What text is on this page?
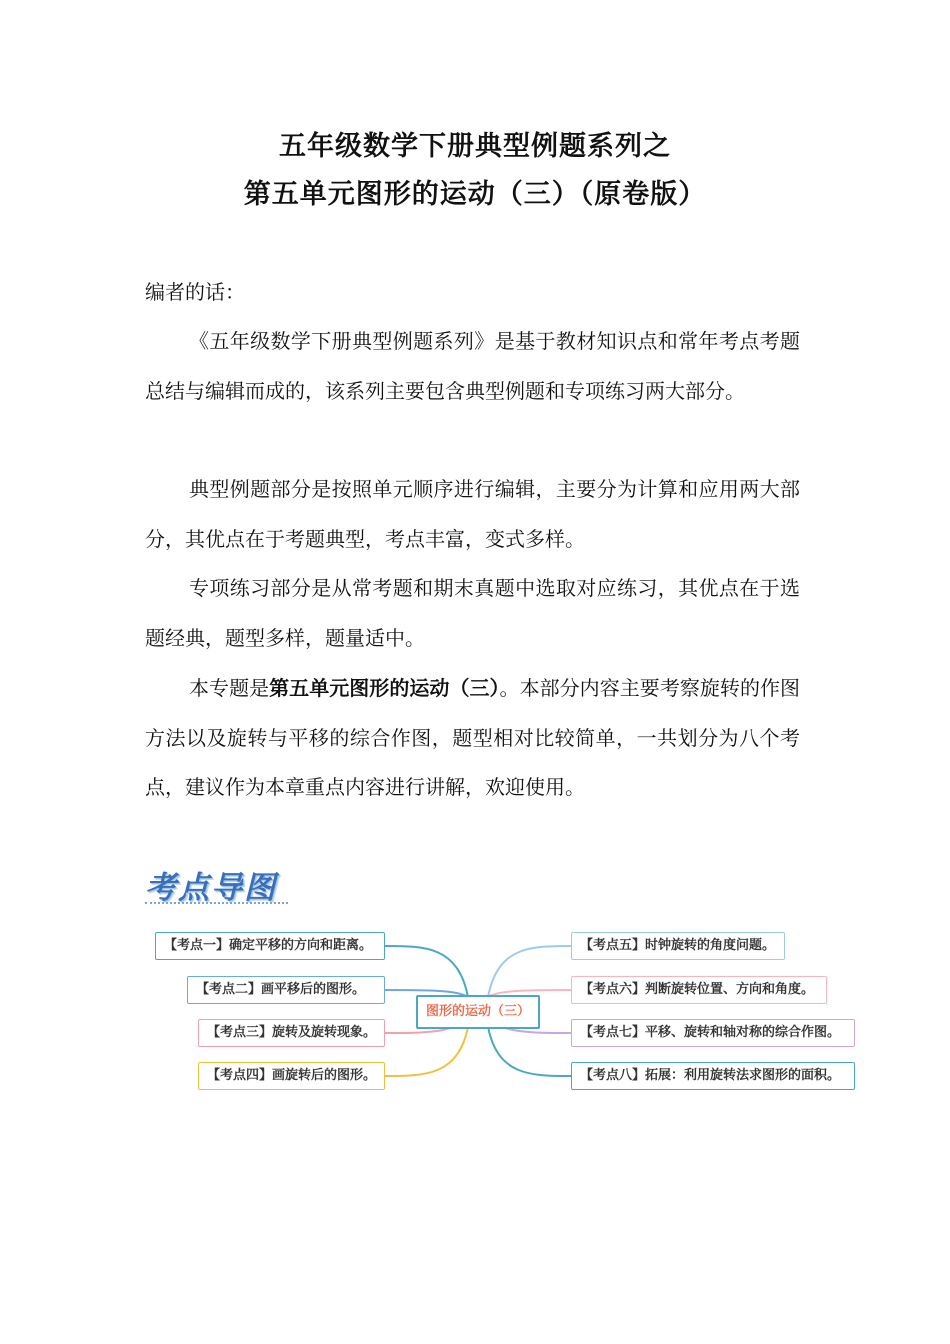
五年级数学下册典型例题系列之
第五单元图形的运动（三）（原卷版）

编者的话：

《五年级数学下册典型例题系列》是基于教材知识点和常年考点考题总结与编辑而成的，该系列主要包含典型例题和专项练习两大部分。

典型例题部分是按照单元顺序进行编辑，主要分为计算和应用两大部分，其优点在于考题典型，考点丰富，变式多样。

专项练习部分是从常考题和期末真题中选取对应练习，其优点在于选题经典，题型多样，题量适中。

本专题是第五单元图形的运动（三）。本部分内容主要考察旋转的作图方法以及旋转与平移的综合作图，题型相对比较简单，一共划分为八个考点，建议作为本章重点内容进行讲解，欢迎使用。

考点导图
图形的运动（三）
【考点一】确定平移的方向和距离。
【考点二】画平移后的图形。
【考点三】旋转及旋转现象。
【考点四】画旋转后的图形。
【考点五】时钟旋转的角度问题。
【考点六】判断旋转位置、方向和角度。
【考点七】平移、旋转和轴对称的综合作图。
【考点八】拓展：利用旋转法求图形的面积。
